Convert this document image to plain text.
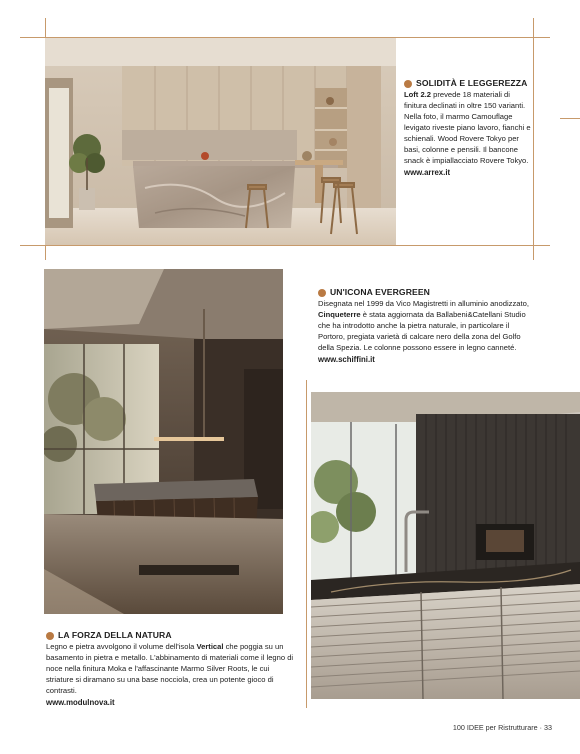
SOLIDITÀ E LEGGEREZZA
Loft 2.2 prevede 18 materiali di finitura declinati in oltre 150 varianti. Nella foto, il marmo Camouflage levigato riveste piano lavoro, fianchi e schienali. Wood Rovere Tokyo per basi, colonne e pensili. Il bancone snack è impiallacciato Rovere Tokyo.
www.arrex.it
UN'ICONA EVERGREEN
Disegnata nel 1999 da Vico Magistretti in alluminio anodizzato, Cinqueterre è stata aggiornata da Ballabeni&Catellani Studio che ha introdotto anche la pietra naturale, in particolare il Portoro, pregiata varietà di calcare nero della zona del Golfo della Spezia. Le colonne possono essere in legno canneté.
www.schiffini.it
LA FORZA DELLA NATURA
Legno e pietra avvolgono il volume dell'isola Vertical che poggia su un basamento in pietra e metallo. L'abbinamento di materiali come il legno di noce nella finitura Moka e l'affascinante Marmo Silver Roots, le cui striature si diramano su una base nocciola, crea un potente gioco di contrasti.
www.modulnova.it
100 IDEE per Ristrutturare · 33
